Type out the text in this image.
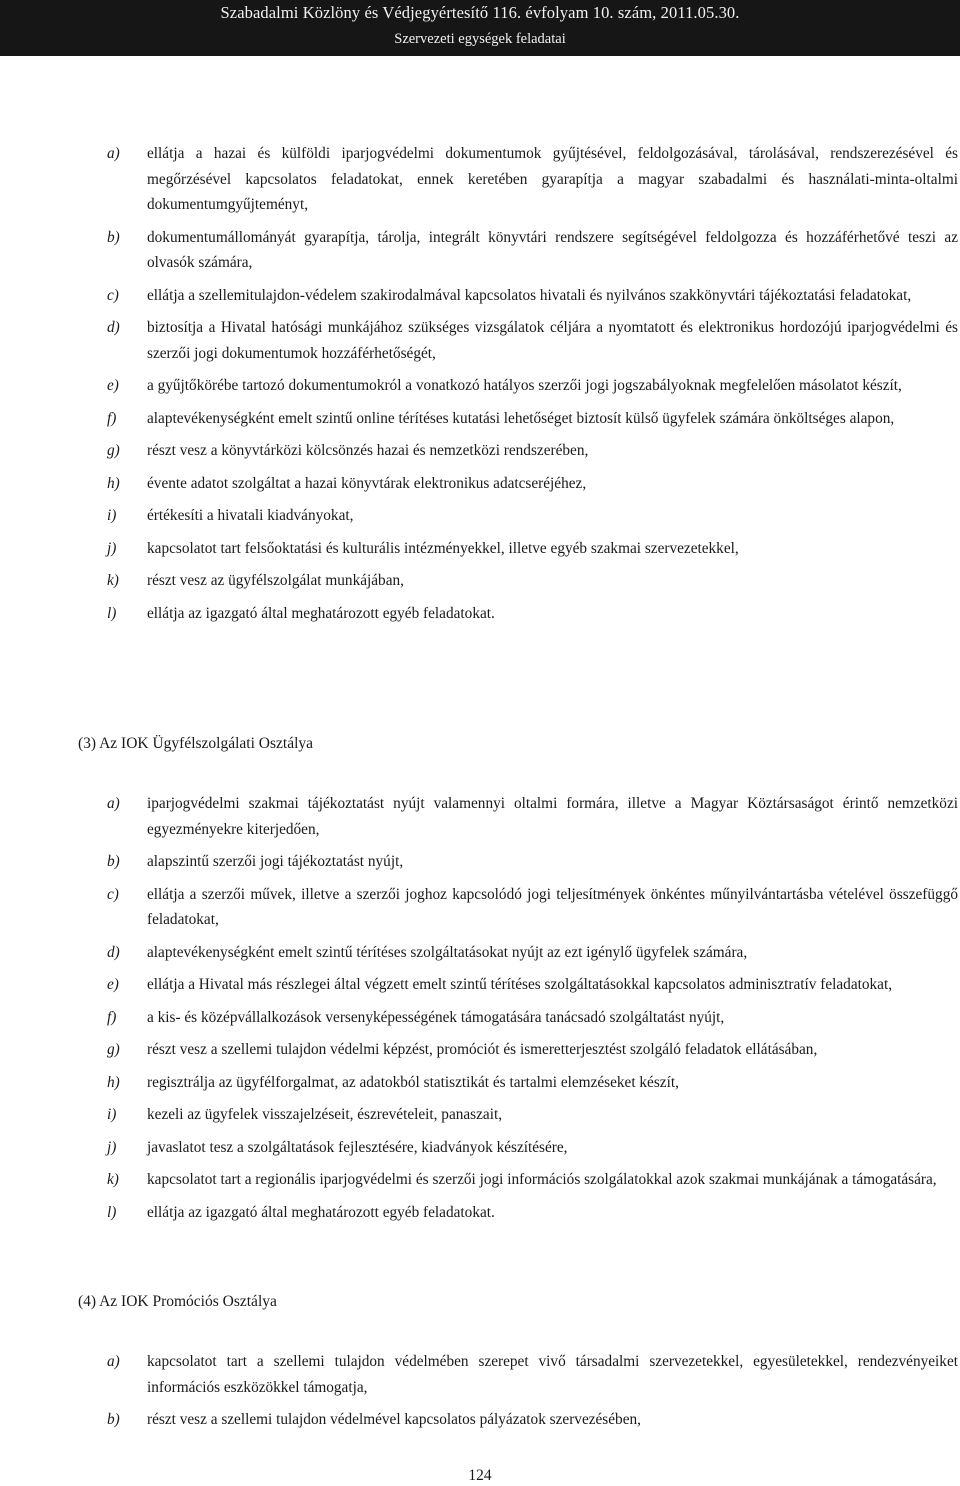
Szabadalmi Közlöny és Védjegyértesítő 116. évfolyam 10. szám, 2011.05.30.
Szervezeti egységek feladatai
a) ellátja a hazai és külföldi iparjogvédelmi dokumentumok gyűjtésével, feldolgozásával, tárolásával, rendszerezésével és megőrzésével kapcsolatos feladatokat, ennek keretében gyarapítja a magyar szabadalmi és használati-minta-oltalmi dokumentumgyűjteményt,
b) dokumentumállományát gyarapítja, tárolja, integrált könyvtári rendszere segítségével feldolgozza és hozzáférhetővé teszi az olvasók számára,
c) ellátja a szellemitulajdon-védelem szakirodalmával kapcsolatos hivatali és nyilvános szakkönyvtári tájékoztatási feladatokat,
d) biztosítja a Hivatal hatósági munkájához szükséges vizsgálatok céljára a nyomtatott és elektronikus hordozójú iparjogvédelmi és szerzői jogi dokumentumok hozzáférhetőségét,
e) a gyűjtőkörébe tartozó dokumentumokról a vonatkozó hatályos szerzői jogi jogszabályoknak megfelelően másolatot készít,
f) alaptevékenységként emelt szintű online térítéses kutatási lehetőséget biztosít külső ügyfelek számára önköltséges alapon,
g) részt vesz a könyvtárközi kölcsönzés hazai és nemzetközi rendszerében,
h) évente adatot szolgáltat a hazai könyvtárak elektronikus adatcseréjéhez,
i) értékesíti a hivatali kiadványokat,
j) kapcsolatot tart felsőoktatási és kulturális intézményekkel, illetve egyéb szakmai szervezetekkel,
k) részt vesz az ügyfélszolgálat munkájában,
l) ellátja az igazgató által meghatározott egyéb feladatokat.
(3) Az IOK Ügyfélszolgálati Osztálya
a) iparjogvédelmi szakmai tájékoztatást nyújt valamennyi oltalmi formára, illetve a Magyar Köztársaságot érintő nemzetközi egyezményekre kiterjedően,
b) alapszintű szerzői jogi tájékoztatást nyújt,
c) ellátja a szerzői művek, illetve a szerzői joghoz kapcsolódó jogi teljesítmények önkéntes műnyilvántartásba vételével összefüggő feladatokat,
d) alaptevékenységként emelt szintű térítéses szolgáltatásokat nyújt az ezt igénylő ügyfelek számára,
e) ellátja a Hivatal más részlegei által végzett emelt szintű térítéses szolgáltatásokkal kapcsolatos adminisztratív feladatokat,
f) a kis- és középvállalkozások versenyképességének támogatására tanácsadó szolgáltatást nyújt,
g) részt vesz a szellemi tulajdon védelmi képzést, promóciót és ismeretterjesztést szolgáló feladatok ellátásában,
h) regisztrálja az ügyfélforgalmat, az adatokból statisztikát és tartalmi elemzéseket készít,
i) kezeli az ügyfelek visszajelzéseit, észrevételeit, panaszait,
j) javaslatot tesz a szolgáltatások fejlesztésére, kiadványok készítésére,
k) kapcsolatot tart a regionális iparjogvédelmi és szerzői jogi információs szolgálatokkal azok szakmai munkájának a támogatására,
l) ellátja az igazgató által meghatározott egyéb feladatokat.
(4) Az IOK Promóciós Osztálya
a) kapcsolatot tart a szellemi tulajdon védelmében szerepet vivő társadalmi szervezetekkel, egyesületekkel, rendezvényeiket információs eszközökkel támogatja,
b) részt vesz a szellemi tulajdon védelmével kapcsolatos pályázatok szervezésében,
124
